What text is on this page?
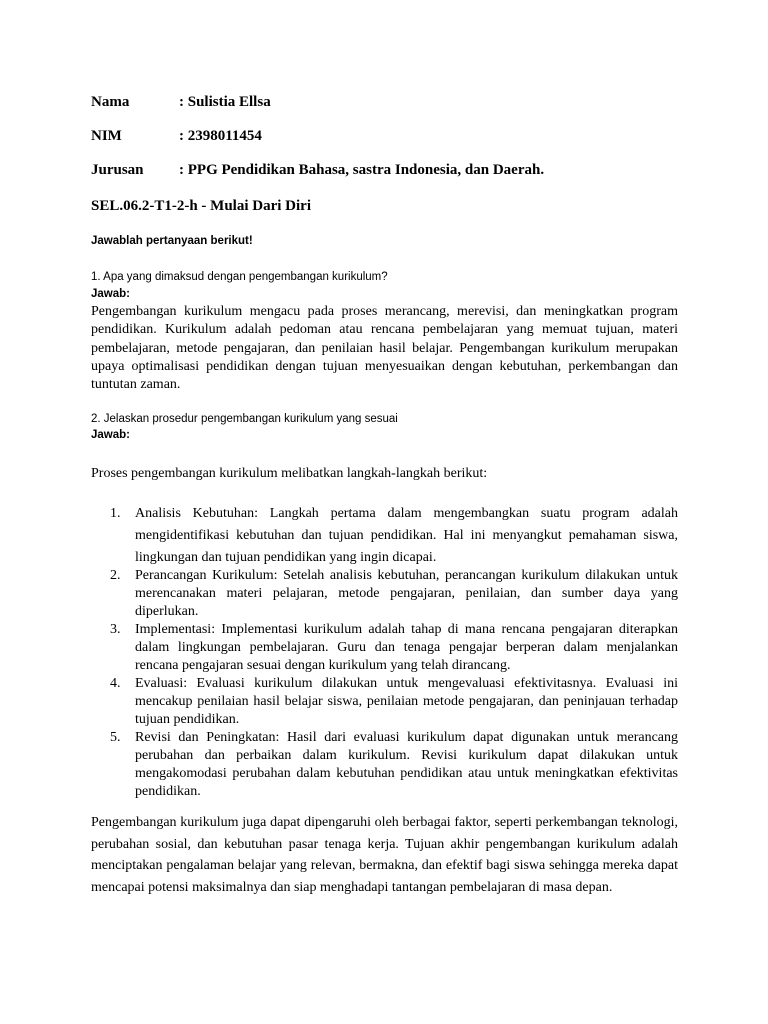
Nama	: Sulistia Ellsa
NIM	: 2398011454
Jurusan : PPG Pendidikan Bahasa, sastra Indonesia, dan Daerah.
SEL.06.2-T1-2-h - Mulai Dari Diri
Jawablah pertanyaan berikut!
1. Apa yang dimaksud dengan pengembangan kurikulum?
Jawab:

Pengembangan kurikulum mengacu pada proses merancang, merevisi, dan meningkatkan program pendidikan. Kurikulum adalah pedoman atau rencana pembelajaran yang memuat tujuan, materi pembelajaran, metode pengajaran, dan penilaian hasil belajar. Pengembangan kurikulum merupakan upaya optimalisasi pendidikan dengan tujuan menyesuaikan dengan kebutuhan, perkembangan dan tuntutan zaman.

2. Jelaskan prosedur pengembangan kurikulum yang sesuai
Jawab:
Proses pengembangan kurikulum melibatkan langkah-langkah berikut:
1. Analisis Kebutuhan: Langkah pertama dalam mengembangkan suatu program adalah mengidentifikasi kebutuhan dan tujuan pendidikan. Hal ini menyangkut pemahaman siswa, lingkungan dan tujuan pendidikan yang ingin dicapai.
2. Perancangan Kurikulum: Setelah analisis kebutuhan, perancangan kurikulum dilakukan untuk merencanakan materi pelajaran, metode pengajaran, penilaian, dan sumber daya yang diperlukan.
3. Implementasi: Implementasi kurikulum adalah tahap di mana rencana pengajaran diterapkan dalam lingkungan pembelajaran. Guru dan tenaga pengajar berperan dalam menjalankan rencana pengajaran sesuai dengan kurikulum yang telah dirancang.
4. Evaluasi: Evaluasi kurikulum dilakukan untuk mengevaluasi efektivitasnya. Evaluasi ini mencakup penilaian hasil belajar siswa, penilaian metode pengajaran, dan peninjauan terhadap tujuan pendidikan.
5. Revisi dan Peningkatan: Hasil dari evaluasi kurikulum dapat digunakan untuk merancang perubahan dan perbaikan dalam kurikulum. Revisi kurikulum dapat dilakukan untuk mengakomodasi perubahan dalam kebutuhan pendidikan atau untuk meningkatkan efektivitas pendidikan.

Pengembangan kurikulum juga dapat dipengaruhi oleh berbagai faktor, seperti perkembangan teknologi, perubahan sosial, dan kebutuhan pasar tenaga kerja. Tujuan akhir pengembangan kurikulum adalah menciptakan pengalaman belajar yang relevan, bermakna, dan efektif bagi siswa sehingga mereka dapat mencapai potensi maksimalnya dan siap menghadapi tantangan pembelajaran di masa depan.
